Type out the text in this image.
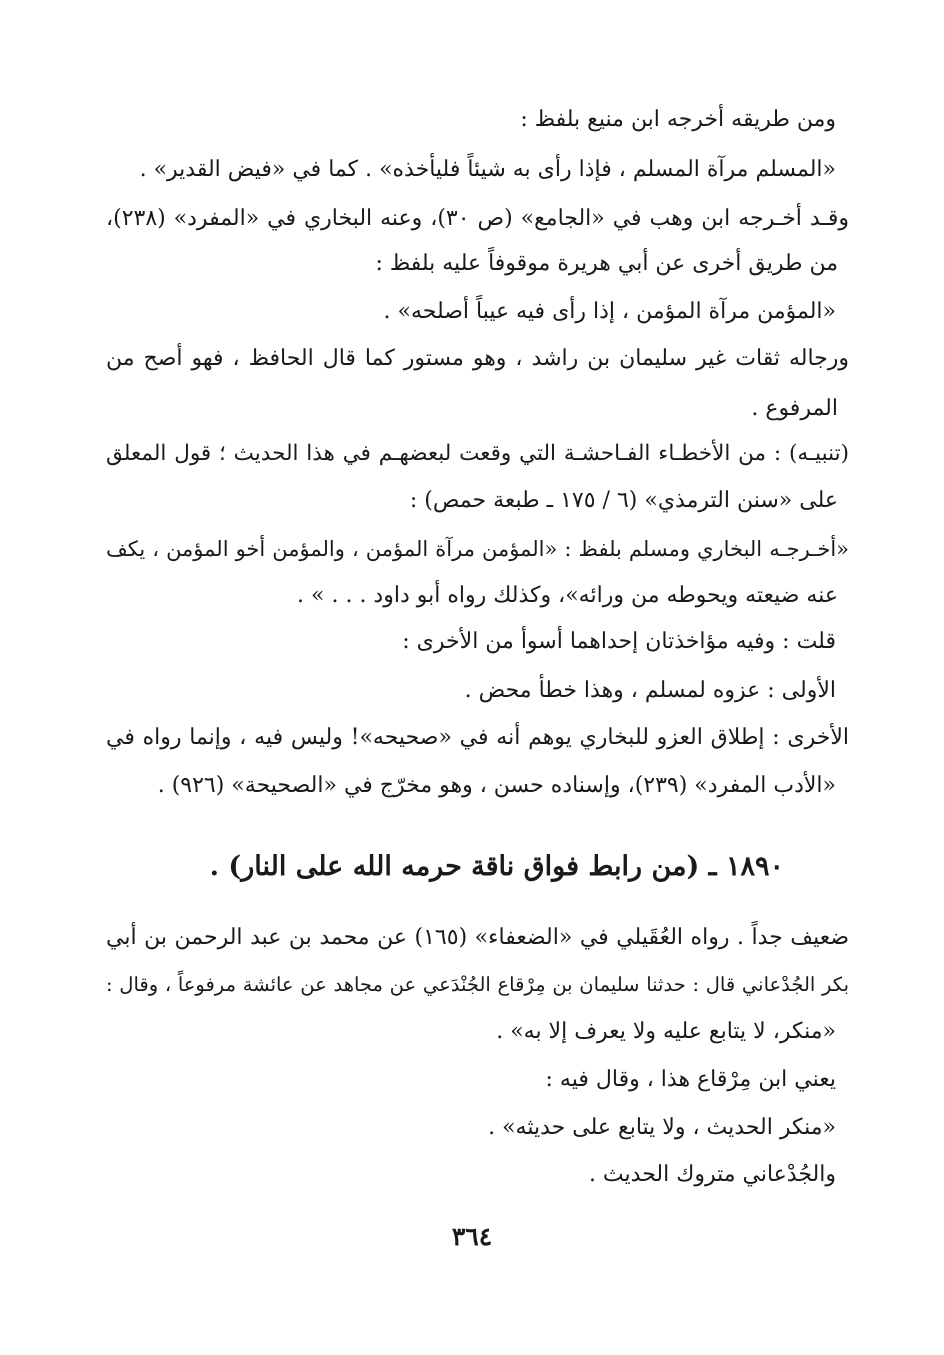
ومن طريقه أخرجه ابن منيع بلفظ :
«المسلم مرآة المسلم ، فإذا رأى به شيئاً فليأخذه» . كما في «فيض القدير» .
وقـد أخـرجه ابن وهب في «الجامع» (ص ٣٠)، وعنه البخاري في «المفرد» (٢٣٨)،
من طريق أخرى عن أبي هريرة موقوفاً عليه بلفظ :
«المؤمن مرآة المؤمن ، إذا رأى فيه عيباً أصلحه» .
ورجاله ثقات غير سليمان بن راشد ، وهو مستور كما قال الحافظ ، فهو أصح من
المرفوع .
(تنبيـه) : من الأخطـاء الفـاحشـة التي وقعت لبعضهـم في هذا الحديث ؛ قول المعلق
على «سنن الترمذي» (٦ / ١٧٥ ـ طبعة حمص) :
«أخـرجـه البخاري ومسلم بلفظ : «المؤمن مرآة المؤمن ، والمؤمن أخو المؤمن ، يكف
عنه ضيعته ويحوطه من ورائه»، وكذلك رواه أبو داود . . . » .
قلت : وفيه مؤاخذتان إحداهما أسوأ من الأخرى :
الأولى : عزوه لمسلم ، وهذا خطأ محض .
الأخرى : إطلاق العزو للبخاري يوهم أنه في «صحيحه»! وليس فيه ، وإنما رواه في
«الأدب المفرد» (٢٣٩)، وإسناده حسن ، وهو مخرّج في «الصحيحة» (٩٢٦) .
١٨٩٠ ـ (من رابط فواق ناقة حرمه الله على النار) .
ضعيف جداً . رواه العُقَيلي في «الضعفاء» (١٦٥) عن محمد بن عبد الرحمن بن أبي
بكر الجُدْعاني قال : حدثنا سليمان بن مِرْقاع الجُنْدَعي عن مجاهد عن عائشة مرفوعاً ، وقال :
«منكر، لا يتابع عليه ولا يعرف إلا به» .
يعني ابن مِرْقاع هذا ، وقال فيه :
«منكر الحديث ، ولا يتابع على حديثه» .
والجُدْعاني متروك الحديث .
٣٦٤
